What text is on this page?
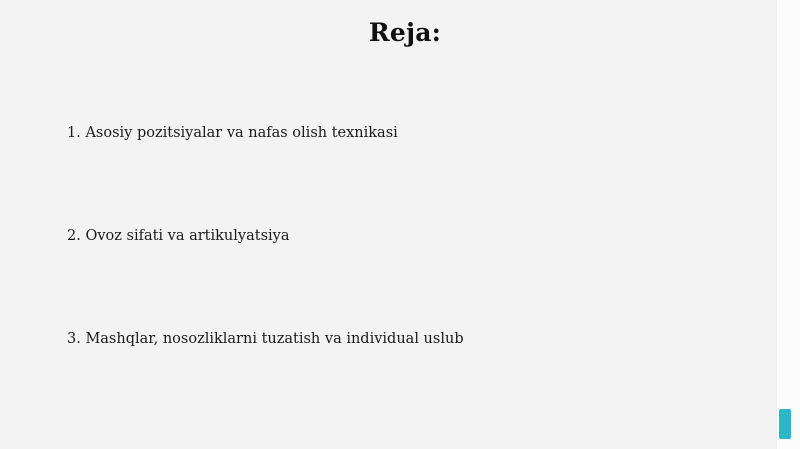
Reja:
1. Asosiy pozitsiyalar va nafas olish texnikasi
2. Ovoz sifati va artikulyatsiya
3. Mashqlar, nosozliklarni tuzatish va individual uslub
